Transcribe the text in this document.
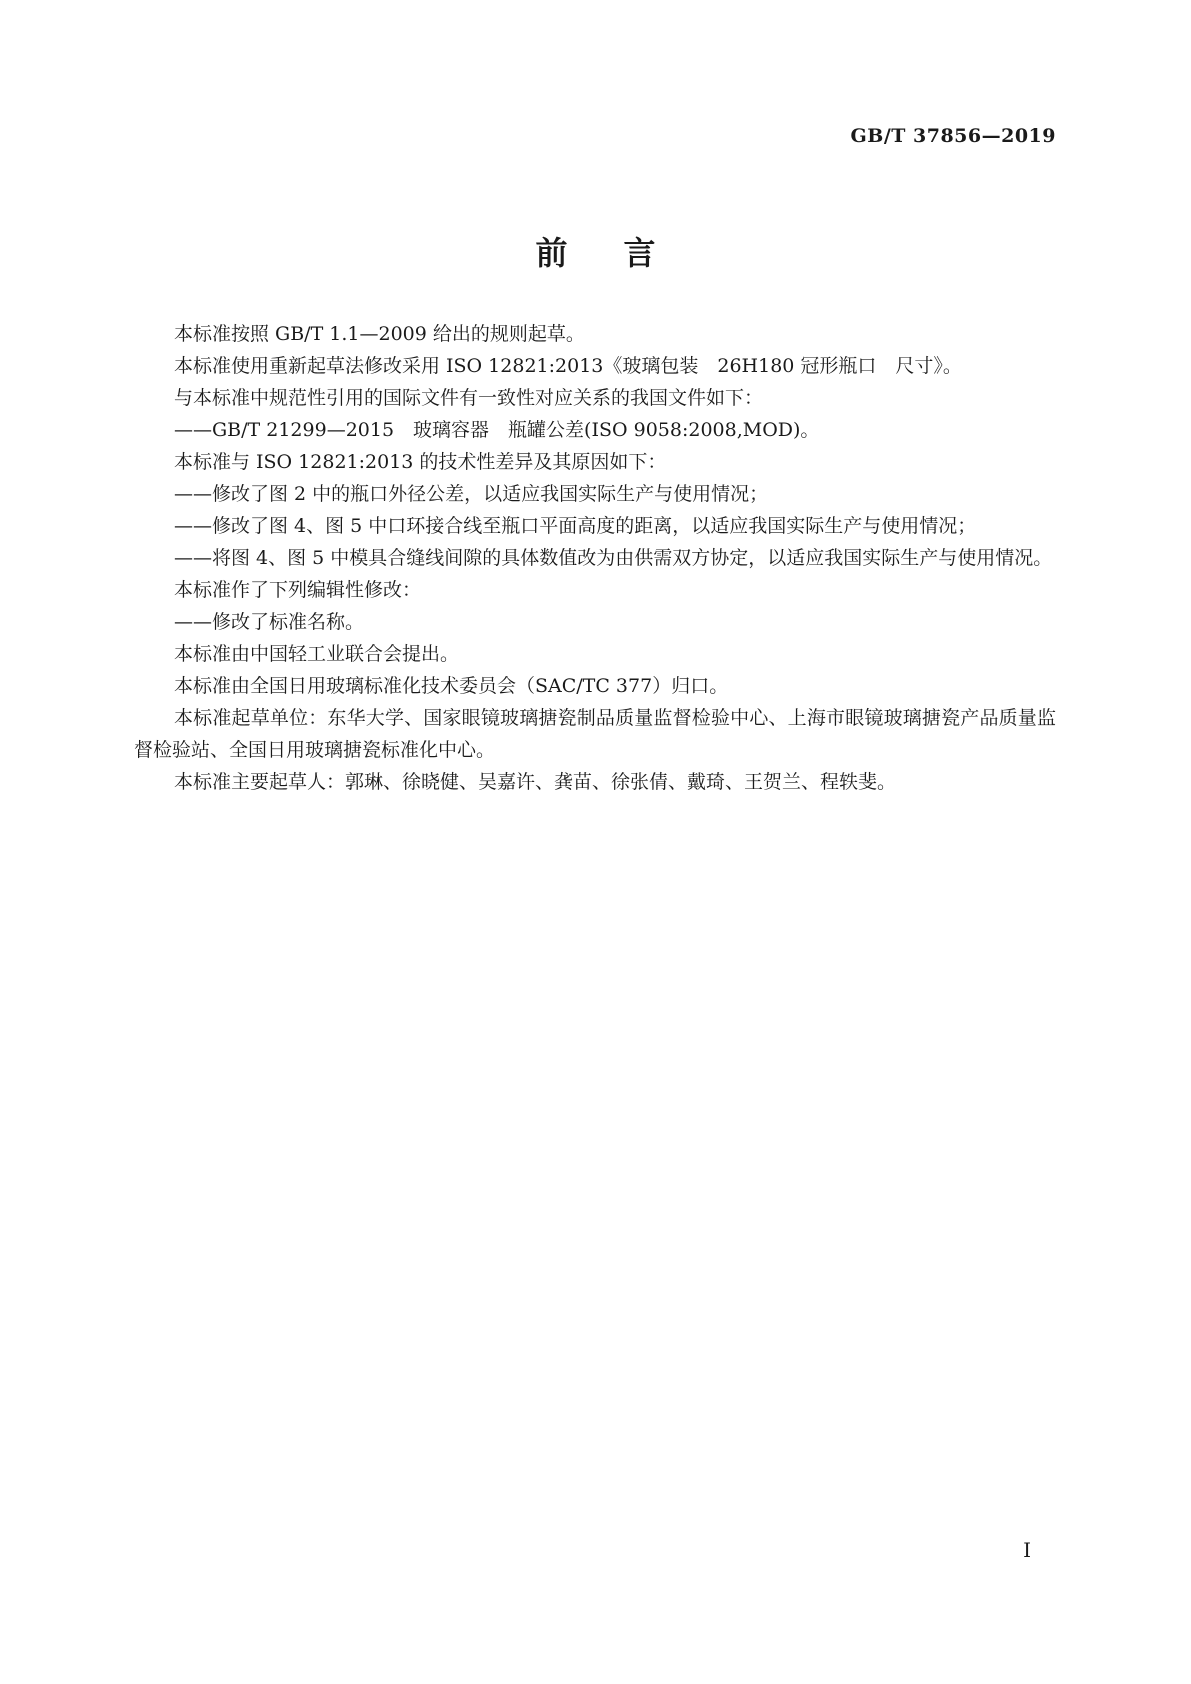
GB/T 37856—2019
前 言

本标准按照 GB/T 1.1—2009 给出的规则起草。

本标准使用重新起草法修改采用 ISO 12821:2013《玻璃包装　26H180 冠形瓶口　尺寸》。

与本标准中规范性引用的国际文件有一致性对应关系的我国文件如下：

——GB/T 21299—2015　玻璃容器　瓶罐公差(ISO 9058:2008,MOD)。

本标准与 ISO 12821:2013 的技术性差异及其原因如下：

——修改了图 2 中的瓶口外径公差，以适应我国实际生产与使用情况；

——修改了图 4、图 5 中口环接合线至瓶口平面高度的距离，以适应我国实际生产与使用情况；

——将图 4、图 5 中模具合缝线间隙的具体数值改为由供需双方协定，以适应我国实际生产与使用情况。

本标准作了下列编辑性修改：

——修改了标准名称。

本标准由中国轻工业联合会提出。

本标准由全国日用玻璃标准化技术委员会（SAC/TC 377）归口。

本标准起草单位：东华大学、国家眼镜玻璃搪瓷制品质量监督检验中心、上海市眼镜玻璃搪瓷产品质量监督检验站、全国日用玻璃搪瓷标准化中心。

本标准主要起草人：郭琳、徐晓健、吴嘉许、龚苗、徐张倩、戴琦、王贺兰、程轶斐。

I
